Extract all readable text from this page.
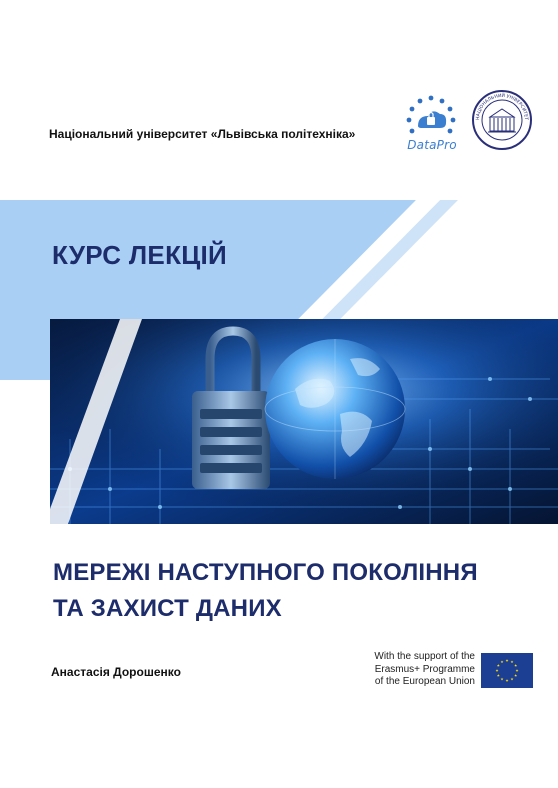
Національний університет «Львівська політехніка»
DataPro
НАЦІОНАЛЬНИЙ УНІВЕРСИТЕТ
КУРС ЛЕКЦІЙ
МЕРЕЖІ НАСТУПНОГО ПОКОЛІННЯ
ТА ЗАХИСТ ДАНИХ
Анастасія Дорошенко
With the support of the
Erasmus+ Programme
of the European Union
